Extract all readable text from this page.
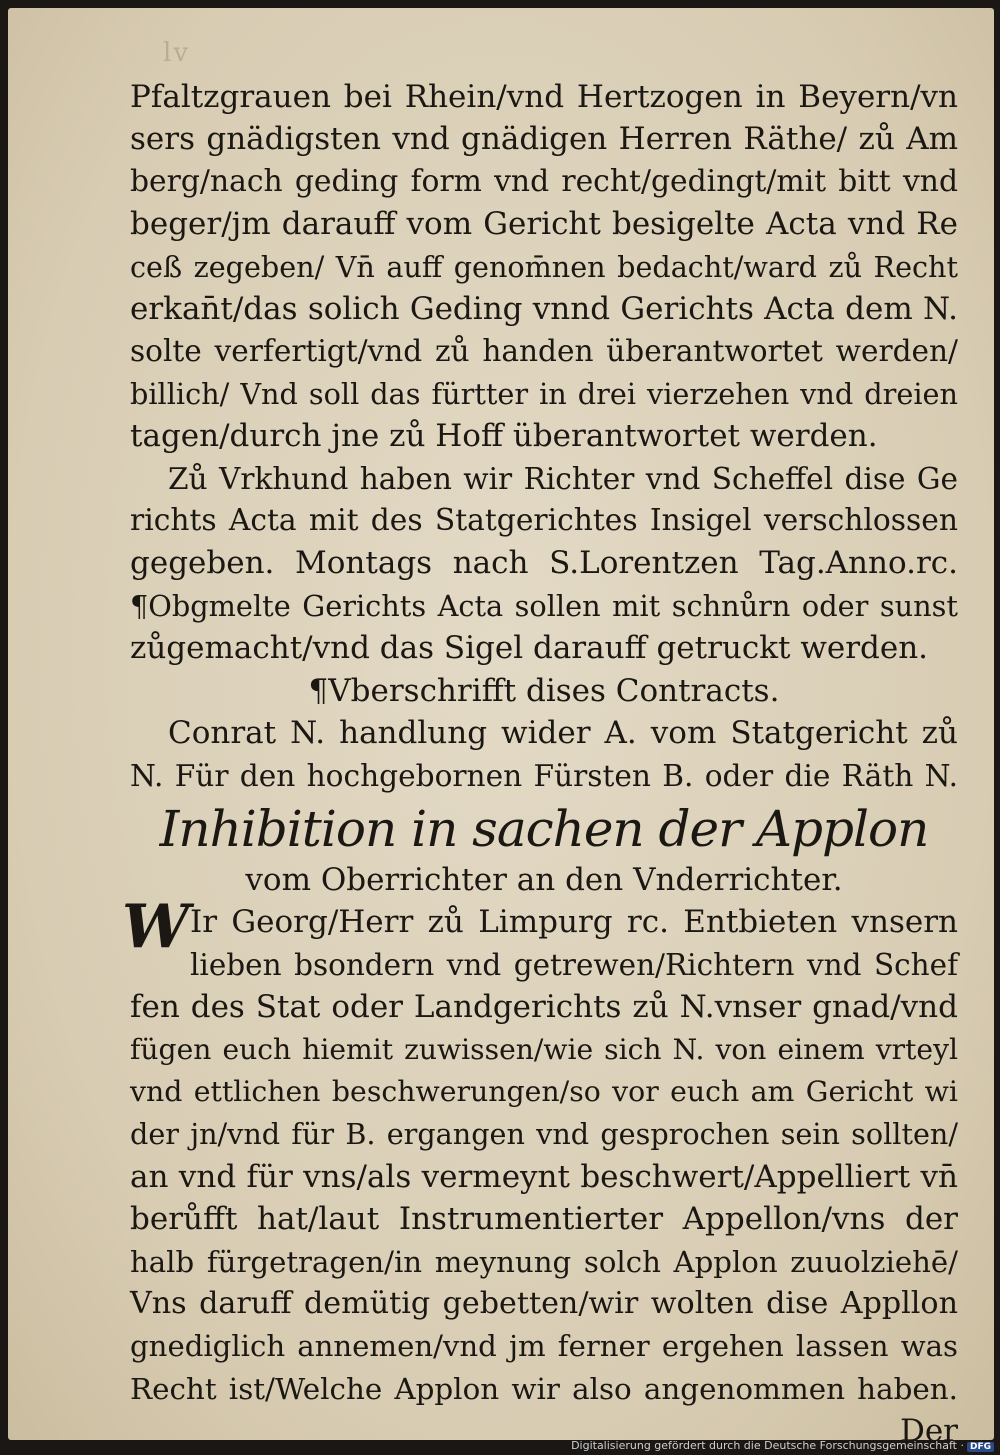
lv
Pfaltzgrauen bei Rhein/vnd Hertzogen in Beyern/vn
sers gnädigsten vnd gnädigen Herren Räthe/ zů Am
berg/nach geding form vnd recht/gedingt/mit bitt vnd
beger/jm darauff vom Gericht besigelte Acta vnd Re
ceß zegeben/ Vn̄ auff genom̄nen bedacht/ward zů Recht
erkan̄t/das solich Geding vnnd Gerichts Acta dem N.
solte verfertigt/vnd zů handen überantwortet werden/
billich/ Vnd soll das fürtter in drei vierzehen vnd dreien
tagen/durch jne zů Hoff überantwortet werden.
Zů Vrkhund haben wir Richter vnd Scheffel dise Ge
richts Acta mit des Statgerichtes Insigel verschlossen
gegeben. Montags nach S.Lorentzen Tag.Anno.rc.
¶Obgmelte Gerichts Acta sollen mit schnůrn oder sunst
zůgemacht/vnd das Sigel darauff getruckt werden.
¶Vberschrifft dises Contracts.
Conrat N. handlung wider A. vom Statgericht zů
N. Für den hochgebornen Fürsten B. oder die Räth N.
Inhibition in sachen der Applon
vom Oberrichter an den Vnderrichter.
W Ir Georg/Herr zů Limpurg rc. Entbieten vnsern
lieben bsondern vnd getrewen/Richtern vnd Schef
fen des Stat oder Landgerichts zů N.vnser gnad/vnd
fügen euch hiemit zuwissen/wie sich N. von einem vrteyl
vnd ettlichen beschwerungen/so vor euch am Gericht wi
der jn/vnd für B. ergangen vnd gesprochen sein sollten/
an vnd für vns/als vermeynt beschwert/Appelliert vn̄
berůfft hat/laut Instrumentierter Appellon/vns der
halb fürgetragen/in meynung solch Applon zuuolziehē/
Vns daruff demütig gebetten/wir wolten dise Appllon
gnediglich annemen/vnd jm ferner ergehen lassen was
Recht ist/Welche Applon wir also angenommen haben.
Der
Digitalisierung gefördert durch die Deutsche Forschungsgemeinschaft · DFG
